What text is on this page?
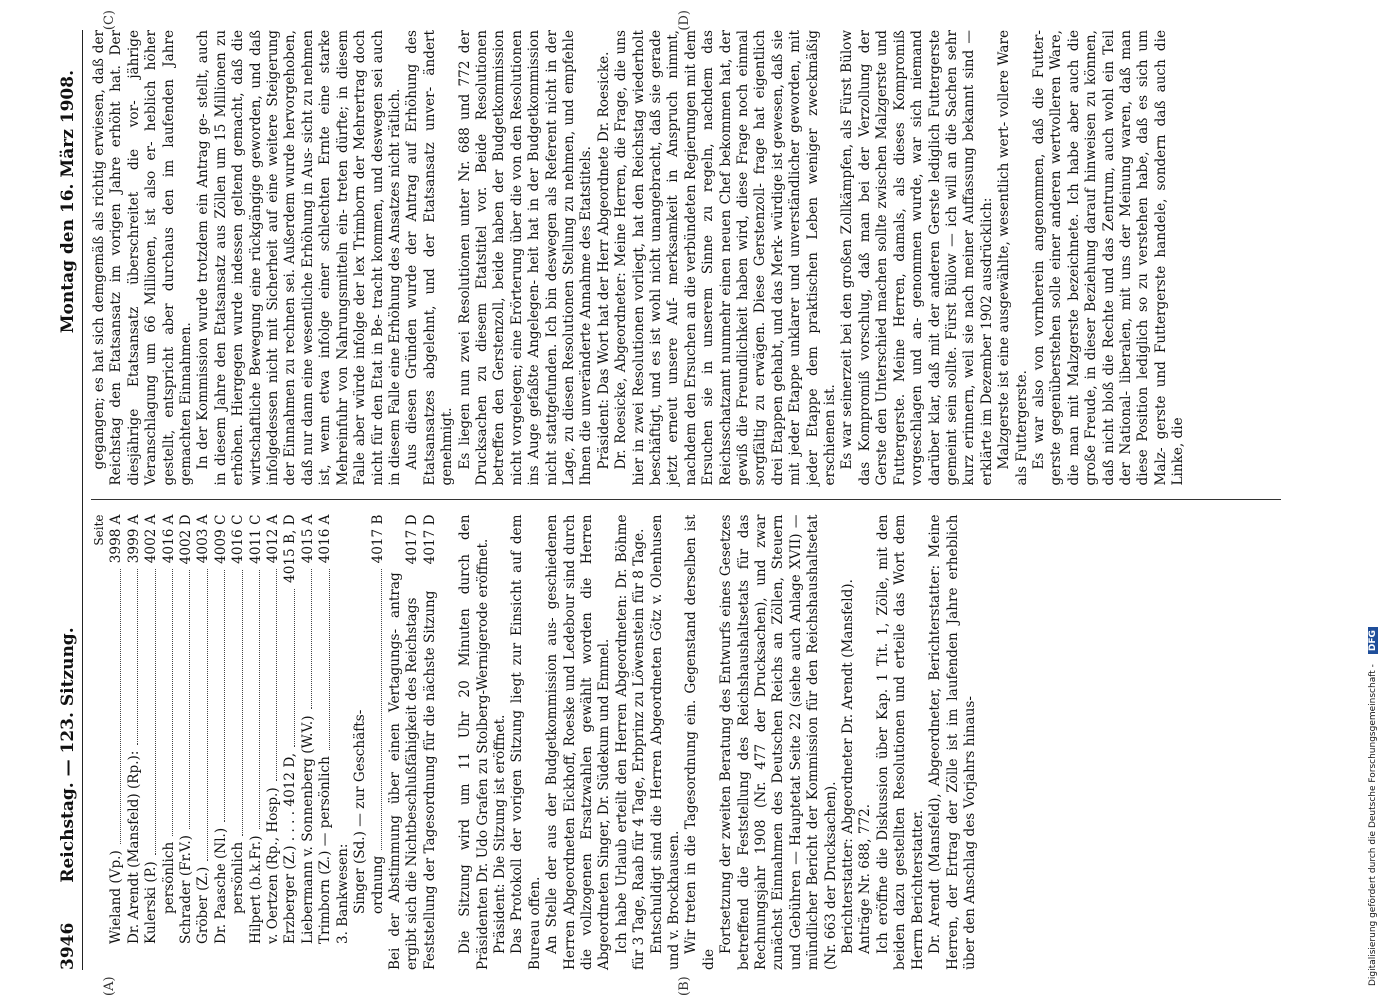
3946
Reichstag. — 123. Sitzung.
Montag den 16. März 1908.
(A)	(B)
Seite
Wieland (Vp.)
3998 A
Dr. Arendt (Mansfeld) (Rp.):
3999 A
Kulerski (P.)
4002 A
persönlich
4016 A
Schrader (Fr.V.)
4002 D
Gröber (Z.)
4003 A
Dr. Paasche (Nl.)
4009 C
persönlich
4016 C
Hilpert (b.k.Fr.)
4011 C
v. Oertzen (Rp., Hosp.)
4012 A
Erzberger (Z.) . . . . 4012 D,
4015 B, D
Liebermann v. Sonnenberg (W.V.)
4015 A
Trimborn (Z.) — persönlich
4016 A
3. Bankwesen: Singer (Sd.) — zur Geschäfts- ordnung
4017 B
Bei der Abstimmung über einen Vertagungs- antrag ergibt sich die Nichtbeschlußfähigkeit des Reichstags
4017 D
Feststellung der Tagesordnung für die nächste Sitzung
4017 D Die Sitzung wird um 11 Uhr 20 Minuten durch den Präsidenten Dr. Udo Grafen zu Stolberg-Wernigerode eröffnet. Präsident: Die Sitzung ist eröffnet. Das Protokoll der vorigen Sitzung liegt zur Einsicht auf dem Bureau offen. An Stelle der aus der Budgetkommission aus- geschiedenen Herren Abgeordneten Eickhoff, Roeske und Ledebour sind durch die vollzogenen Ersatzwahlen gewählt worden die Herren Abgeordneten Singer, Dr. Südekum und Emmel. Ich habe Urlaub erteilt den Herren Abgeordneten: Dr. Böhme für 3 Tage, Raab für 4 Tage, Erbprinz zu Löwenstein für 8 Tage. Entschuldigt sind die Herren Abgeordneten Götz v. Olenhusen und v. Brockhausen. Wir treten in die Tagesordnung ein. Gegenstand derselben ist die

Fortsetzung der zweiten Beratung des Entwurfs eines Gesetzes betreffend die Feststellung des Reichshaushaltsetats für das Rechnungsjahr 1908 (Nr. 477 der Drucksachen), und zwar zunächst Einnahmen des Deutschen Reichs an Zöllen, Steuern und Gebühren — Hauptetat Seite 22 (siehe auch Anlage XVII) — mündlicher Bericht der Kommission für den Reichshaushaltsetat (Nr. 663 der Drucksachen). Berichterstatter: Abgeordneter Dr. Arendt (Mansfeld). Anträge Nr. 688, 772. Ich eröffne die Diskussion über Kap. 1 Tit. 1, Zölle, mit den beiden dazu gestellten Resolutionen und erteile das Wort dem Herrn Berichterstatter. Dr. Arendt (Mansfeld), Abgeordneter, Berichterstatter: Meine Herren, der Ertrag der Zölle ist im laufenden Jahre erheblich über den Anschlag des Vorjahrs hinaus-

(C)	(D)

gegangen; es hat sich demgemäß als richtig erwiesen, daß der Reichstag den Etatsansatz im vorigen Jahre erhöht hat. Der diesjährige Etatsansatz überschreitet die vor- jährige Veranschlagung um 66 Millionen, ist also er- heblich höher gestellt, entspricht aber durchaus den im laufenden Jahre gemachten Einnahmen. In der Kommission wurde trotzdem ein Antrag ge- stellt, auch in diesem Jahre den Etatsansatz aus Zöllen um 15 Millionen zu erhöhen. Hiergegen wurde indessen geltend gemacht, daß die wirtschaftliche Bewegung eine rückgängige geworden, und daß infolgedessen nicht mit Sicherheit auf eine weitere Steigerung der Einnahmen zu rechnen sei. Außerdem wurde hervorgehoben, daß nur dann eine wesentliche Erhöhung in Aus- sicht zu nehmen ist, wenn etwa infolge einer schlechten Ernte eine starke Mehreinfuhr von Nahrungsmitteln ein- treten dürfte; in diesem Falle aber würde infolge der lex Trimborn der Mehrertrag doch nicht für den Etat in Be- tracht kommen, und deswegen sei auch in diesem Falle eine Erhöhung des Ansatzes nicht rätlich. Aus diesen Gründen wurde der Antrag auf Erhöhung des Etatsansatzes abgelehnt, und der Etatsansatz unver- ändert genehmigt. Es liegen nun zwei Resolutionen unter Nr. 688 und 772 der Drucksachen zu diesem Etatstitel vor. Beide Resolutionen betreffen den Gerstenzoll, beide haben der Budgetkommission nicht vorgelegen; eine Erörterung über die von den Resolutionen ins Auge gefaßte Angelegen- heit hat in der Budgetkommission nicht stattgefunden. Ich bin deswegen als Referent nicht in der Lage, zu diesen Resolutionen Stellung zu nehmen, und empfehle Ihnen die unveränderte Annahme des Etatstitels. Präsident: Das Wort hat der Herr Abgeordnete Dr. Roesicke. Dr. Roesicke, Abgeordneter: Meine Herren, die Frage, die uns hier in zwei Resolutionen vorliegt, hat den Reichstag wiederholt beschäftigt, und es ist wohl nicht unangebracht, daß sie gerade jetzt erneut unsere Auf- merksamkeit in Anspruch nimmt, nachdem den Ersuchen an die verbündeten Regierungen mit dem Ersuchen sie in unserem Sinne zu regeln, nachdem das Reichsschatzamt nunmehr einen neuen Chef bekommen hat, der gewiß die Freundlichkeit haben wird, diese Frage noch einmal sorgfältig zu erwägen. Diese Gerstenzoll- frage hat eigentlich drei Etappen gehabt, und das Merk- würdige ist gewesen, daß sie mit jeder Etappe unklarer und unverständlicher geworden, mit jeder Etappe dem praktischen Leben weniger zweckmäßig erschienen ist. Es war seinerzeit bei den großen Zollkämpfen, als Fürst Bülow das Kompromiß vorschlug, daß man bei der Verzollung der Gerste den Unterschied machen sollte zwischen Malzgerste und Futtergerste. Meine Herren, damals, als dieses Kompromiß vorgeschlagen und an- genommen wurde, war sich niemand darüber klar, daß mit der anderen Gerste lediglich Futtergerste gemeint sein sollte. Fürst Bülow — ich will an die Sachen sehr kurz erinnern, weil sie nach meiner Auffassung bekannt sind — erklärte im Dezember 1902 ausdrücklich: Malzgerste ist eine ausgewählte, wesentlich wert- vollere Ware als Futtergerste. Es war also von vornherein angenommen, daß die Futter- gerste gegenüberstehen solle einer anderen wertvolleren Ware, die man mit Malzgerste bezeichnete. Ich habe aber auch die große Freude, in dieser Beziehung darauf hinweisen zu können, daß nicht bloß die Rechte und das Zentrum, auch wohl ein Teil der National- liberalen, mit uns der Meinung waren, daß man diese Position lediglich so zu verstehen habe, daß es sich um Malz- gerste und Futtergerste handele, sondern daß auch die Linke, die

Digitalisierung gefördert durch die Deutsche Forschungsgemeinschaft -
DFG
